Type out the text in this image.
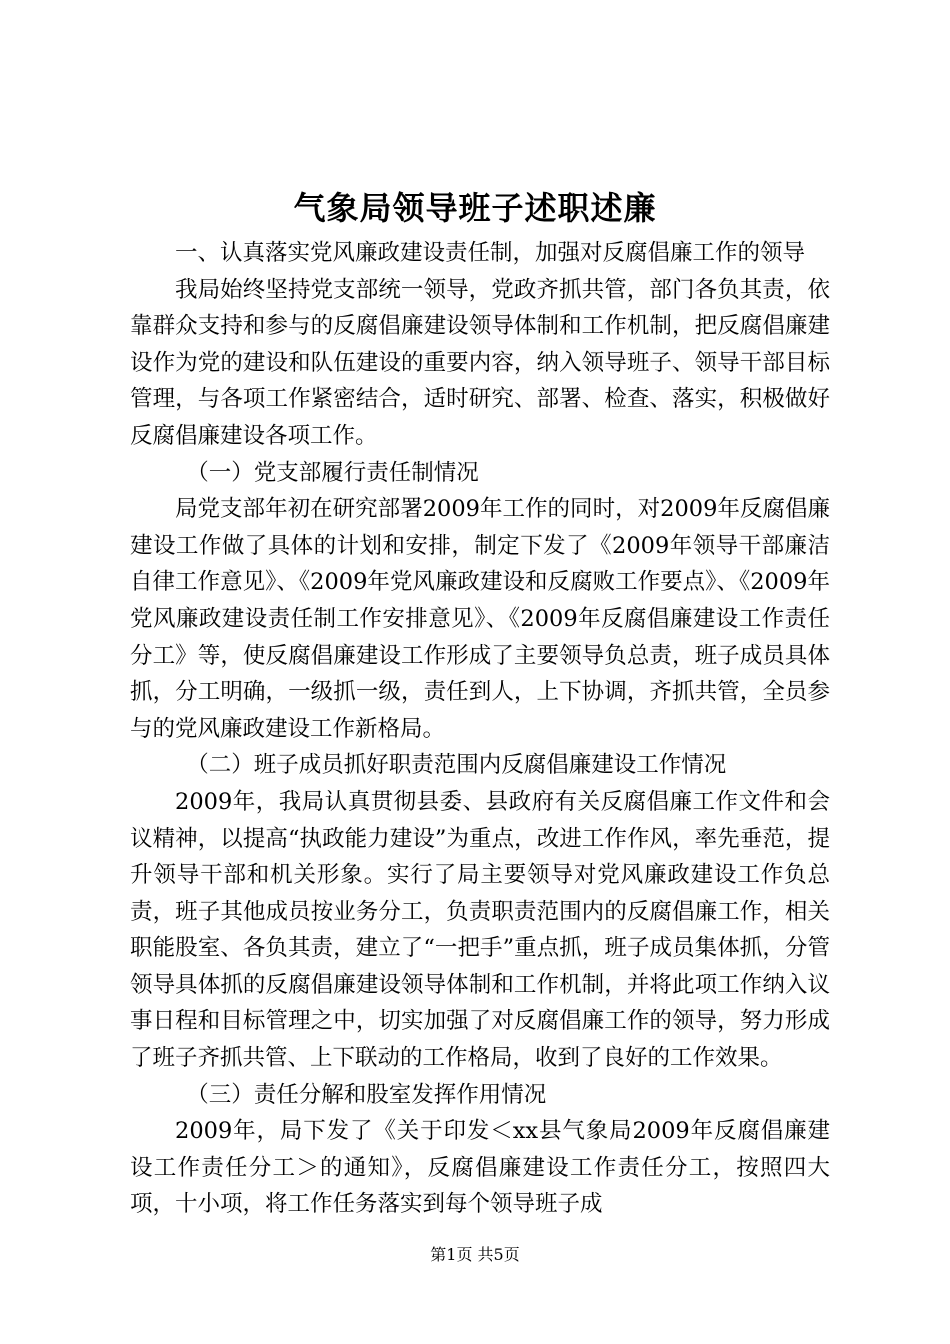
气象局领导班子述职述廉

一、认真落实党风廉政建设责任制，加强对反腐倡廉工作的领导

我局始终坚持党支部统一领导，党政齐抓共管，部门各负其责，依靠群众支持和参与的反腐倡廉建设领导体制和工作机制，把反腐倡廉建设作为党的建设和队伍建设的重要内容，纳入领导班子、领导干部目标管理，与各项工作紧密结合，适时研究、部署、检查、落实，积极做好反腐倡廉建设各项工作。

（一）党支部履行责任制情况

局党支部年初在研究部署2009年工作的同时，对2009年反腐倡廉建设工作做了具体的计划和安排，制定下发了《2009年领导干部廉洁自律工作意见》、《2009年党风廉政建设和反腐败工作要点》、《2009年党风廉政建设责任制工作安排意见》、《2009年反腐倡廉建设工作责任分工》等，使反腐倡廉建设工作形成了主要领导负总责，班子成员具体抓，分工明确，一级抓一级，责任到人，上下协调，齐抓共管，全员参与的党风廉政建设工作新格局。

（二）班子成员抓好职责范围内反腐倡廉建设工作情况

2009年，我局认真贯彻县委、县政府有关反腐倡廉工作文件和会议精神，以提高“执政能力建设”为重点，改进工作作风，率先垂范，提升领导干部和机关形象。实行了局主要领导对党风廉政建设工作负总责，班子其他成员按业务分工，负责职责范围内的反腐倡廉工作，相关职能股室、各负其责，建立了“一把手”重点抓，班子成员集体抓，分管领导具体抓的反腐倡廉建设领导体制和工作机制，并将此项工作纳入议事日程和目标管理之中，切实加强了对反腐倡廉工作的领导，努力形成了班子齐抓共管、上下联动的工作格局，收到了良好的工作效果。

（三）责任分解和股室发挥作用情况

2009年，局下发了《关于印发＜xx县气象局2009年反腐倡廉建设工作责任分工＞的通知》，反腐倡廉建设工作责任分工，按照四大项，十小项，将工作任务落实到每个领导班子成

第1页 共5页
